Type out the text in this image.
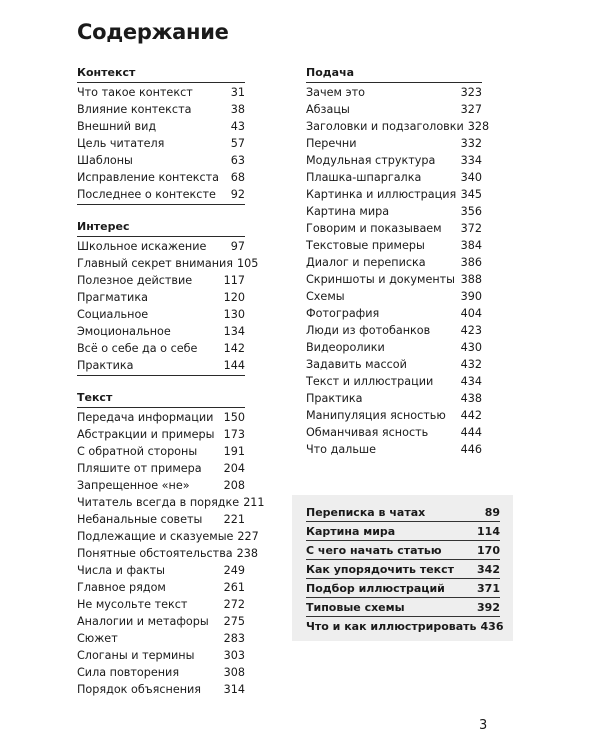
Содержание
Контекст
Что такое контекст	31
Влияние контекста	38
Внешний вид	43
Цель читателя	57
Шаблоны	63
Исправление контекста	68
Последнее о контексте	92
Интерес
Школьное искажение	97
Главный секрет внимания 105
Полезное действие	117
Прагматика	120
Социальное	130
Эмоциональное	134
Всё о себе да о себе	142
Практика	144
Текст
Передача информации 150
Абстракции и примеры 173
С обратной стороны	191
Пляшите от примера	204
Запрещенное «не»	208
Читатель всегда в порядке 211
Небанальные советы	221
Подлежащие и сказуемые 227
Понятные обстоятельства 238
Числа и факты	249
Главное рядом	261
Не мусольте текст	272
Аналогии и метафоры	275
Сюжет	283
Слоганы и термины	303
Сила повторения	308
Порядок объяснения	314
Подача
Зачем это	323
Абзацы	327
Заголовки и подзаголовки 328
Перечни	332
Модульная структура	334
Плашка-шпаргалка	340
Картинка и иллюстрация 345
Картина мира	356
Говорим и показываем	372
Текстовые примеры	384
Диалог и переписка	386
Скриншоты и документы 388
Схемы	390
Фотография	404
Люди из фотобанков	423
Видеоролики	430
Задавить массой	432
Текст и иллюстрации	434
Практика	438
Манипуляция ясностью	442
Обманчивая ясность	444
Что дальше	446
Переписка в чатах	89
Картина мира	114
С чего начать статью	170
Как упорядочить текст	342
Подбор иллюстраций	371
Типовые схемы	392
Что и как иллюстрировать 436
3
